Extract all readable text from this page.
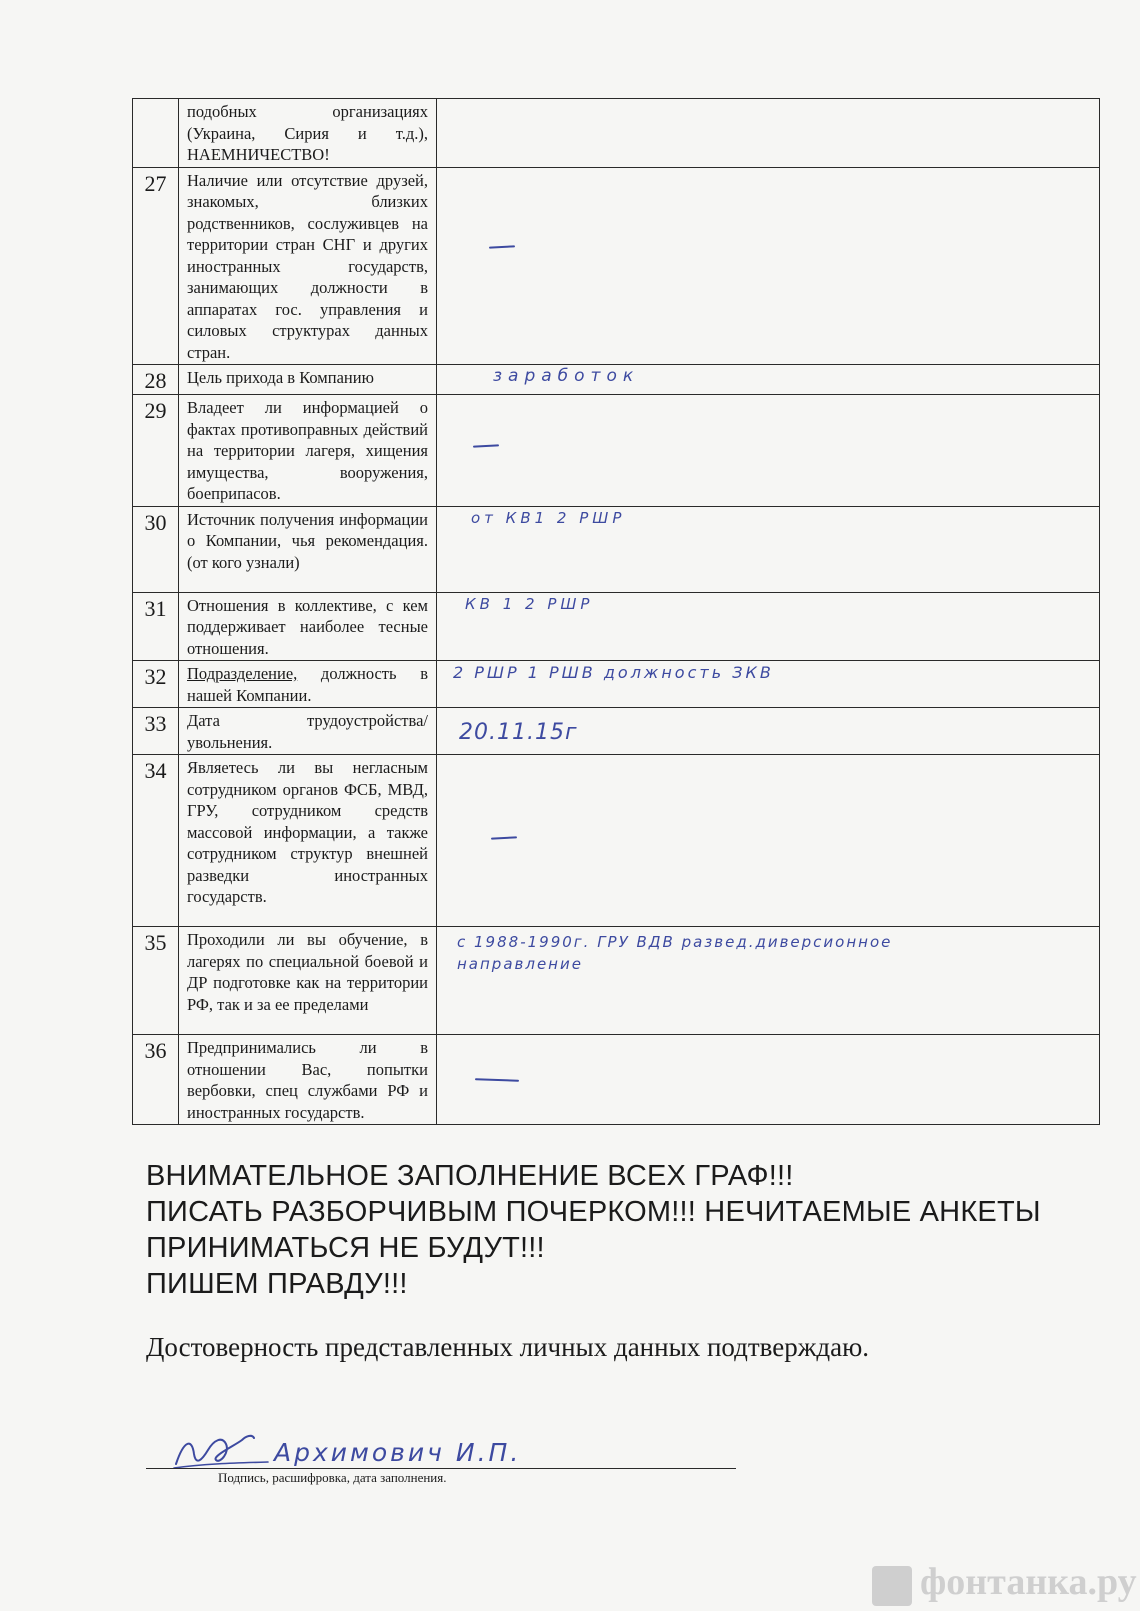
	подобных организациях (Украина, Сирия и т.д.), НАЕМНИЧЕСТВО!	
27	Наличие или отсутствие друзей, знакомых, близких родственников, сослуживцев на территории стран СНГ и других иностранных государств, занимающих должности в аппаратах гос. управления и силовых структурах данных стран.	

28	Цель прихода в Компанию	заработок

29	Владеет ли информацией о фактах противоправных действий на территории лагеря, хищения имущества, вооружения, боеприпасов.	

30	Источник получения информации о Компании, чья рекомендация. (от кого узнали)	от КВ1 2 РШР

31	Отношения в коллективе, с кем поддерживает наиболее тесные отношения.	КВ 1 2 РШР

32	Подразделение, должность в нашей Компании.	2 РШР 1 РШВ должность ЗКВ

33	Дата трудоустройства/увольнения.	20.11.15г

34	Являетесь ли вы негласным сотрудником органов ФСБ, МВД, ГРУ, сотрудником средств массовой информации, а также сотрудником структур внешней разведки иностранных государств.	

35	Проходили ли вы обучение, в лагерях по специальной боевой и ДР подготовке как на территории РФ, так и за ее пределами	с 1988-1990г. ГРУ ВДВ развед.диверсионное направление

36	Предпринимались ли в отношении Вас, попытки вербовки, спец службами РФ и иностранных государств.	
ВНИМАТЕЛЬНОЕ ЗАПОЛНЕНИЕ ВСЕХ ГРАФ!!!
ПИСАТЬ РАЗБОРЧИВЫМ ПОЧЕРКОМ!!! НЕЧИТАЕМЫЕ АНКЕТЫ
ПРИНИМАТЬСЯ НЕ БУДУТ!!!
ПИШЕМ ПРАВДУ!!!
Достоверность представленных личных данных подтверждаю.
Архимович И.П.
Подпись, расшифровка, дата заполнения.
фонтанка.ру
